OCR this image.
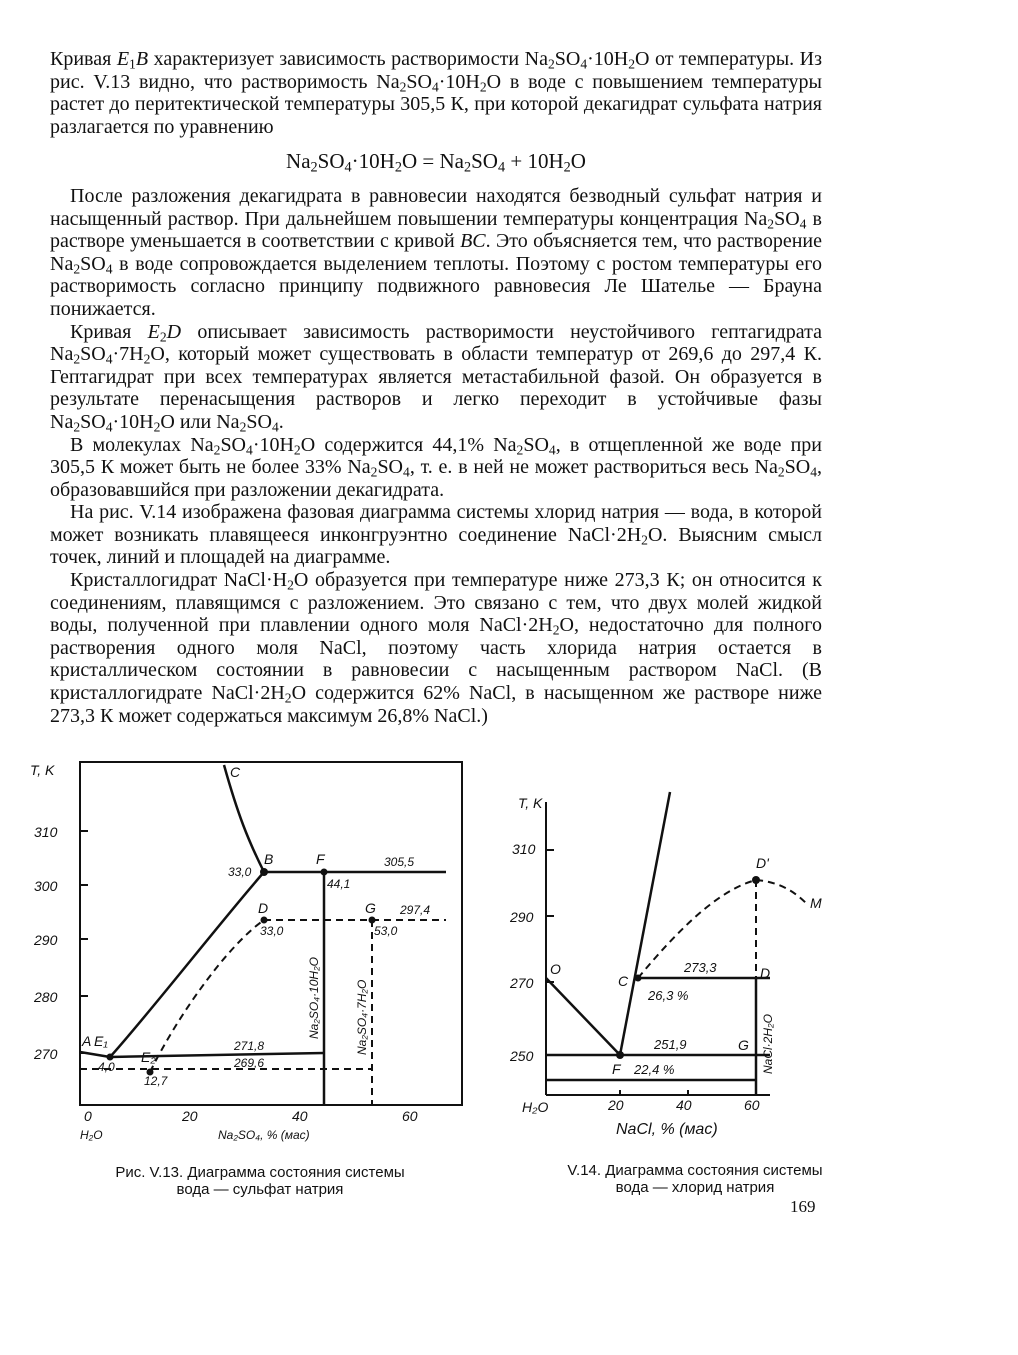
Кривая $E_1B$ характеризует зависимость растворимости $Na_2SO_4\cdot 10H_2O$ от температуры. Из рис. V.13 видно, что растворимость $Na_2SO_4\cdot 10H_2O$ в воде с повышением температуры растет до перитектической температуры 305,5 К, при которой декагидрат сульфата натрия разлагается по уравнению

$Na_2SO_4\cdot 10H_2O = Na_2SO_4 + 10H_2O$

После разложения декагидрата в равновесии находятся безводный сульфат натрия и насыщенный раствор. При дальнейшем повышении температуры концентрация $Na_2SO_4$ в растворе уменьшается в соответствии с кривой BC. Это объясняется тем, что растворение $Na_2SO_4$ в воде сопровождается выделением теплоты. Поэтому с ростом температуры его растворимость согласно принципу подвижного равновесия Ле Шателье — Брауна понижается.

Кривая $E_2D$ описывает зависимость растворимости неустойчивого гептагидрата $Na_2SO_4\cdot 7H_2O$, который может существовать в области температур от 269,6 до 297,4 К. Гептагидрат при всех температурах является метастабильной фазой. Он образуется в результате перенасыщения растворов и легко переходит в устойчивые фазы $Na_2SO_4\cdot 10H_2O$ или $Na_2SO_4$.

В молекулах $Na_2SO_4\cdot 10H_2O$ содержится 44,1% $Na_2SO_4$, в отщепленной же воде при 305,5 К может быть не более 33% $Na_2SO_4$, т. е. в ней не может раствориться весь $Na_2SO_4$, образовавшийся при разложении декагидрата.

На рис. V.14 изображена фазовая диаграмма системы хлорид натрия — вода, в которой может возникать плавящееся инконгруэнтно соединение $NaCl\cdot 2H_2O$. Выясним смысл точек, линий и площадей на диаграмме.

Кристаллогидрат $NaCl\cdot H_2O$ образуется при температуре ниже 273,3 К; он относится к соединениям, плавящимся с разложением. Это связано с тем, что двух молей жидкой воды, полученной при плавлении одного моля $NaCl\cdot 2H_2O$, недостаточно для полного растворения одного моля NaCl, поэтому часть хлорида натрия остается в кристаллическом состоянии в равновесии с насыщенным раствором NaCl. (В кристаллогидрате $NaCl\cdot 2H_2O$ содержится 62% NaCl, в насыщенном же растворе ниже 273,3 К может содержаться максимум 26,8% NaCl.)

T, K
310
300
290
280
270
0	20	40	60
H₂O	Na₂SO₄, % (мас)
C
B	F
D	G
A E₁
E₂
33,0
305,5
44,1
297,4
33,0	53,0
271,8
269,6
4,0
12,7
Na₂SO₄·10H₂O	Na₂SO₄·7H₂O
Рис. V.13. Диаграмма состояния системы
вода — сульфат натрия
T, K
310
290
270
250
20	40	60
H₂O
NaCl, % (мас)
O
C	D
D'
F
G
M
273,3
26,3 %
251,9
22,4 %	NaCl·2H₂O
V.14. Диаграмма состояния системы
вода — хлорид натрия
169
